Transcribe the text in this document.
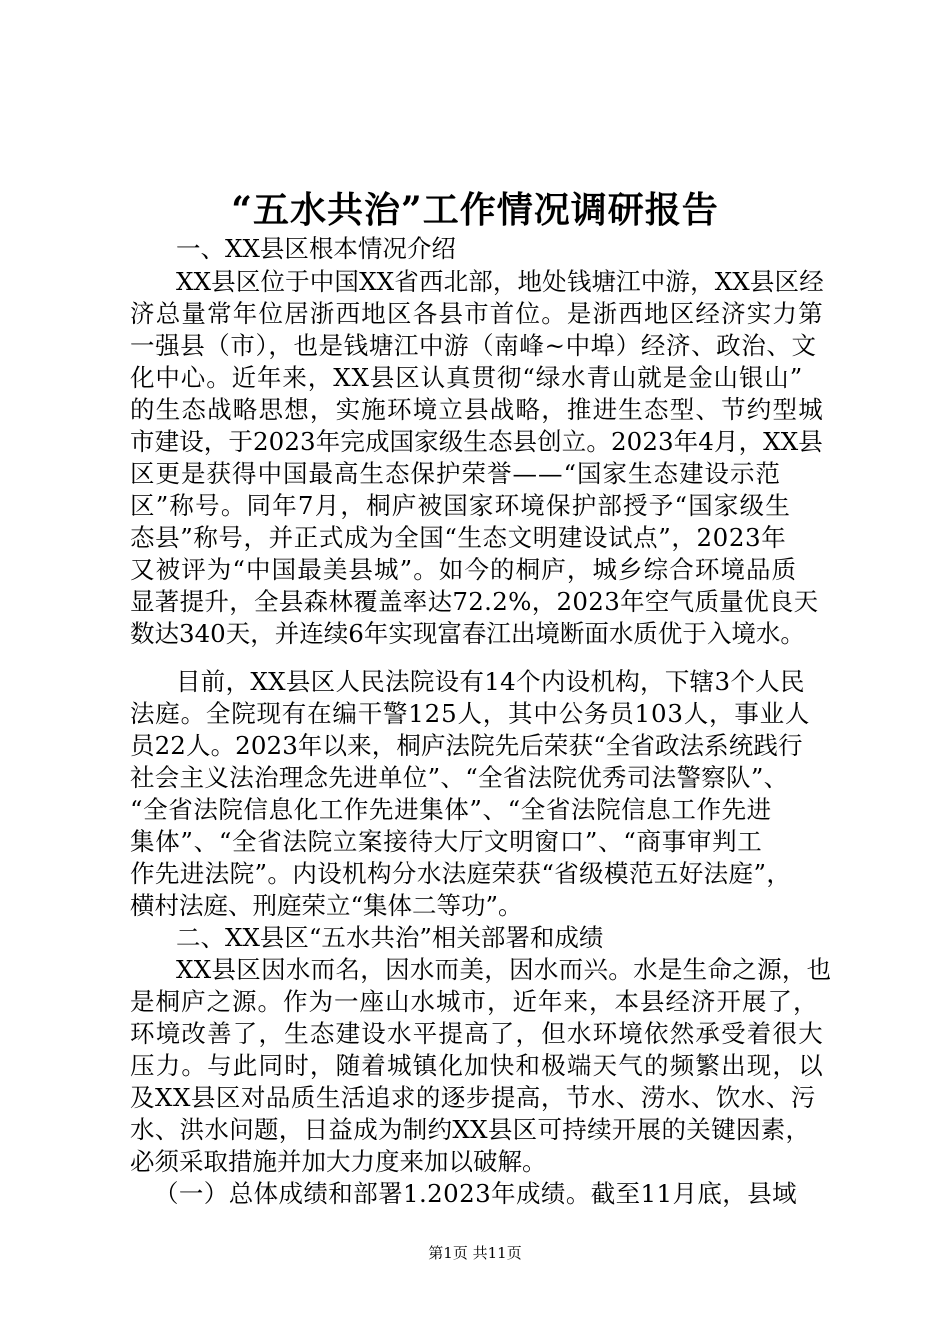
“五水共治”工作情况调研报告
一、XX县区根本情况介绍
XX县区位于中国XX省西北部，地处钱塘江中游，XX县区经
济总量常年位居浙西地区各县市首位。是浙西地区经济实力第
一强县（市），也是钱塘江中游（南峰~中埠）经济、政治、文
化中心。近年来，XX县区认真贯彻“绿水青山就是金山银山”
的生态战略思想，实施环境立县战略，推进生态型、节约型城
市建设，于2023年完成国家级生态县创立。2023年4月，XX县
区更是获得中国最高生态保护荣誉——“国家生态建设示范
区”称号。同年7月，桐庐被国家环境保护部授予“国家级生
态县”称号，并正式成为全国“生态文明建设试点”，2023年
又被评为“中国最美县城”。如今的桐庐，城乡综合环境品质
显著提升，全县森林覆盖率达72.2%，2023年空气质量优良天
数达340天，并连续6年实现富春江出境断面水质优于入境水。
目前，XX县区人民法院设有14个内设机构，下辖3个人民
法庭。全院现有在编干警125人，其中公务员103人，事业人
员22人。2023年以来，桐庐法院先后荣获“全省政法系统践行
社会主义法治理念先进单位”、“全省法院优秀司法警察队”、
“全省法院信息化工作先进集体”、“全省法院信息工作先进
集体”、“全省法院立案接待大厅文明窗口”、“商事审判工
作先进法院”。内设机构分水法庭荣获“省级模范五好法庭”，
横村法庭、刑庭荣立“集体二等功”。
二、XX县区“五水共治”相关部署和成绩
XX县区因水而名，因水而美，因水而兴。水是生命之源，也
是桐庐之源。作为一座山水城市，近年来，本县经济开展了，
环境改善了，生态建设水平提高了，但水环境依然承受着很大
压力。与此同时，随着城镇化加快和极端天气的频繁出现，以
及XX县区对品质生活追求的逐步提高，节水、涝水、饮水、污
水、洪水问题，日益成为制约XX县区可持续开展的关键因素，
必须采取措施并加大力度来加以破解。
（一）总体成绩和部署1.2023年成绩。截至11月底，县域
第1页 共11页
